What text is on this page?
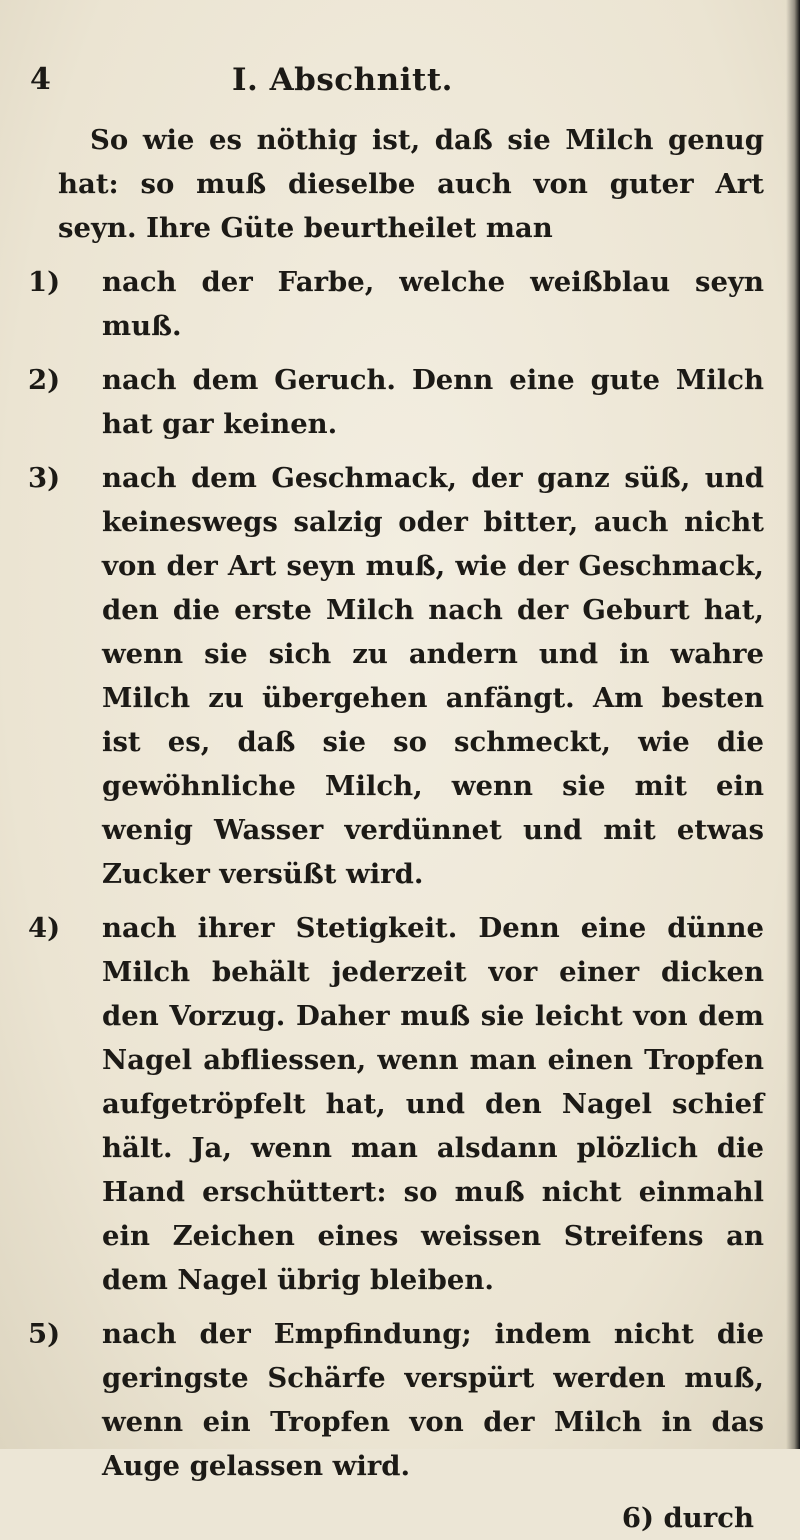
4	I. Abschnitt.

So wie es nöthig ist, daß sie Milch genug hat: so muß dieselbe auch von guter Art seyn. Ihre Güte beurtheilet man

1) nach der Farbe, welche weißblau seyn muß.
2) nach dem Geruch. Denn eine gute Milch hat gar keinen.
3) nach dem Geschmack, der ganz süß, und keineswegs salzig oder bitter, auch nicht von der Art seyn muß, wie der Geschmack, den die erste Milch nach der Geburt hat, wenn sie sich zu andern und in wahre Milch zu übergehen anfängt. Am besten ist es, daß sie so schmeckt, wie die gewöhnliche Milch, wenn sie mit ein wenig Wasser verdünnet und mit etwas Zucker versüßt wird.
4) nach ihrer Stetigkeit. Denn eine dünne Milch behält jederzeit vor einer dicken den Vorzug. Daher muß sie leicht von dem Nagel abfliessen, wenn man einen Tropfen aufgetröpfelt hat, und den Nagel schief hält. Ja, wenn man alsdann plözlich die Hand erschüttert: so muß nicht einmahl ein Zeichen eines weissen Streifens an dem Nagel übrig bleiben.
5) nach der Empfindung; indem nicht die geringste Schärfe verspürt werden muß, wenn ein Tropfen von der Milch in das Auge gelassen wird.
6) durch
